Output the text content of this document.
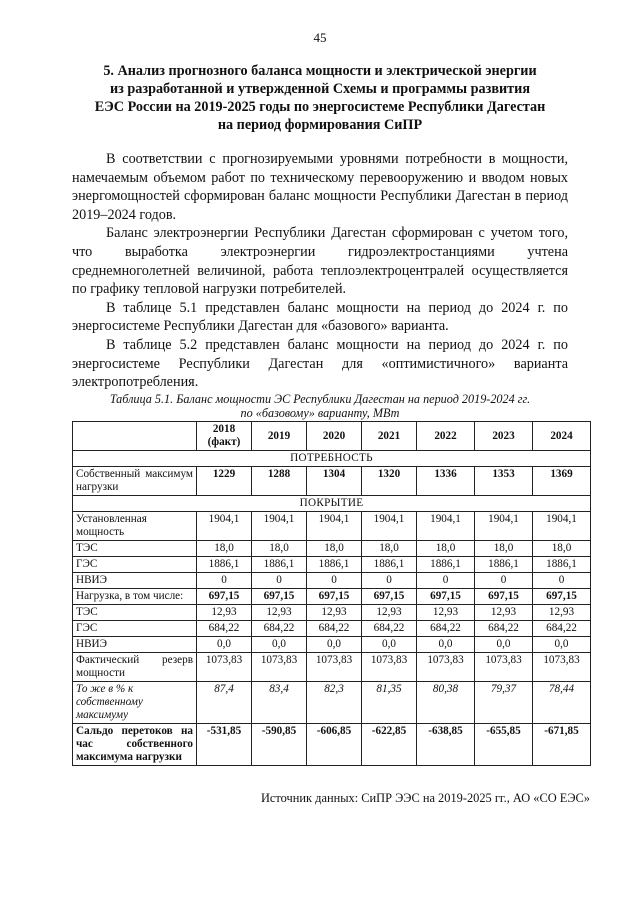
45
5. Анализ прогнозного баланса мощности и электрической энергии
из разработанной и утвержденной Схемы и программы развития
ЕЭС России на 2019-2025 годы по энергосистеме Республики Дагестан
на период формирования СиПР

В соответствии с прогнозируемыми уровнями потребности в мощности, намечаемым объемом работ по техническому перевооружению и вводом новых энергомощностей сформирован баланс мощности Республики Дагестан в период 2019–2024 годов.

Баланс электроэнергии Республики Дагестан сформирован с учетом того, что выработка электроэнергии гидроэлектростанциями учтена среднемноголетней величиной, работа теплоэлектроцентралей осуществляется по графику тепловой нагрузки потребителей.

В таблице 5.1 представлен баланс мощности на период до 2024 г. по энергосистеме Республики Дагестан для «базового» варианта.

В таблице 5.2 представлен баланс мощности на период до 2024 г. по энергосистеме Республики Дагестан для «оптимистичного» варианта электропотребления.

Таблица 5.1. Баланс мощности ЭС Республики Дагестан на период 2019-2024 гг.
по «базовому» варианту, МВт
	2018 (факт)	2019	2020	2021	2022	2023	2024
ПОТРЕБНОСТЬ							
Собственный максимум нагрузки	1229	1288	1304	1320	1336	1353	1369
ПОКРЫТИЕ							
Установленная мощность	1904,1	1904,1	1904,1	1904,1	1904,1	1904,1	1904,1
ТЭС	18,0	18,0	18,0	18,0	18,0	18,0	18,0
ГЭС	1886,1	1886,1	1886,1	1886,1	1886,1	1886,1	1886,1
НВИЭ	0	0	0	0	0	0	0
Нагрузка, в том числе:	697,15	697,15	697,15	697,15	697,15	697,15	697,15
ТЭС	12,93	12,93	12,93	12,93	12,93	12,93	12,93
ГЭС	684,22	684,22	684,22	684,22	684,22	684,22	684,22
НВИЭ	0,0	0,0	0,0	0,0	0,0	0,0	0,0
Фактический резерв мощности	1073,83	1073,83	1073,83	1073,83	1073,83	1073,83	1073,83
То же в % к собственному максимуму	87,4	83,4	82,3	81,35	80,38	79,37	78,44
Сальдо перетоков на час собственного максимума нагрузки	-531,85	-590,85	-606,85	-622,85	-638,85	-655,85	-671,85
Источник данных: СиПР ЭЭС на 2019-2025 гг., АО «СО ЕЭС»
